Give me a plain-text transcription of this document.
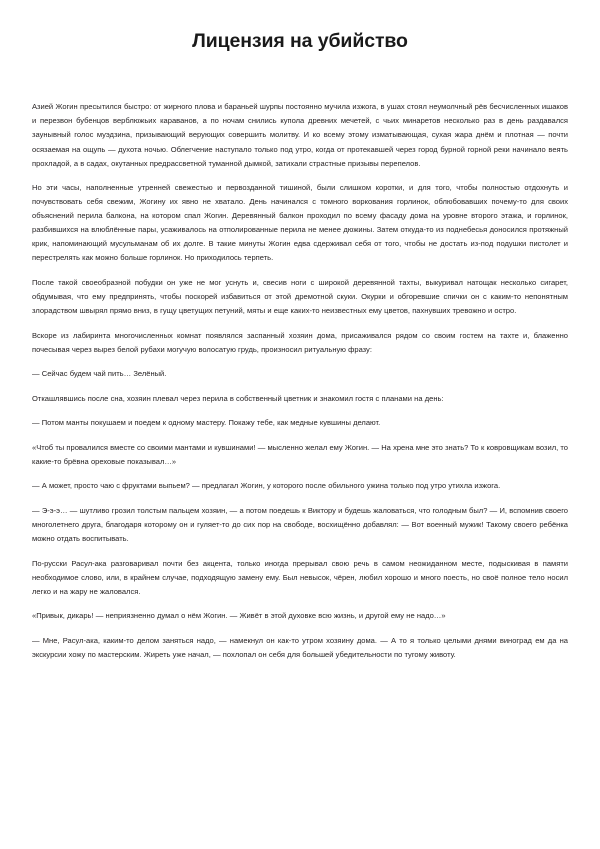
Лицензия на убийство

Азией Жогин пресытился быстро: от жирного плова и бараньей шурпы постоянно мучила изжога, в ушах стоял неумолчный рёв бесчисленных ишаков и перезвон бубенцов верблюжьих караванов, а по ночам снились купола древних мечетей, с чьих минаретов несколько раз в день раздавался заунывный голос муэдзина, призывающий верующих совершить молитву. И ко всему этому изматывающая, сухая жара днём и плотная — почти осязаемая на ощупь — духота ночью. Облегчение наступало только под утро, когда от протекавшей через город бурной горной реки начинало веять прохладой, а в садах, окутанных предрассветной туманной дымкой, затихали страстные призывы перепелов.

Но эти часы, наполненные утренней свежестью и первозданной тишиной, были слишком коротки, и для того, чтобы полностью отдохнуть и почувствовать себя свежим, Жогину их явно не хватало. День начинался с томного воркования горлинок, облюбовавших почему-то для своих объяснений перила балкона, на котором спал Жогин. Деревянный балкон проходил по всему фасаду дома на уровне второго этажа, и горлинок, разбившихся на влюблённые пары, усаживалось на отполированные перила не менее дюжины. Затем откуда-то из поднебесья доносился протяжный крик, напоминающий мусульманам об их долге. В такие минуты Жогин едва сдерживал себя от того, чтобы не достать из-под подушки пистолет и перестрелять как можно больше горлинок. Но приходилось терпеть.

После такой своеобразной побудки он уже не мог уснуть и, свесив ноги с широкой деревянной тахты, выкуривал натощак несколько сигарет, обдумывая, что ему предпринять, чтобы поскорей избавиться от этой дремотной скуки. Окурки и обгоревшие спички он с каким-то непонятным злорадством швырял прямо вниз, в гущу цветущих петуний, мяты и еще каких-то неизвестных ему цветов, пахнувших тревожно и остро.

Вскоре из лабиринта многочисленных комнат появлялся заспанный хозяин дома, присаживался рядом со своим гостем на тахте и, блаженно почесывая через вырез белой рубахи могучую волосатую грудь, произносил ритуальную фразу:

— Сейчас будем чай пить… Зелёный.

Откашлявшись после сна, хозяин плевал через перила в собственный цветник и знакомил гостя с планами на день:

— Потом манты покушаем и поедем к одному мастеру. Покажу тебе, как медные кувшины делают.

«Чтоб ты провалился вместе со своими мантами и кувшинами! — мысленно желал ему Жогин. — На хрена мне это знать? То к ковровщикам возил, то какие-то брёвна ореховые показывал…»

— А может, просто чаю с фруктами выпьем? — предлагал Жогин, у которого после обильного ужина только под утро утихла изжога.

— Э-э-э… — шутливо грозил толстым пальцем хозяин, — а потом поедешь к Виктору и будешь жаловаться, что голодным был? — И, вспомнив своего многолетнего друга, благодаря которому он и гуляет-то до сих пор на свободе, восхищённо добавлял: — Вот военный мужик! Такому своего ребёнка можно отдать воспитывать.

По-русски Расул-ака разговаривал почти без акцента, только иногда прерывал свою речь в самом неожиданном месте, подыскивая в памяти необходимое слово, или, в крайнем случае, подходящую замену ему. Был невысок, чёрен, любил хорошо и много поесть, но своё полное тело носил легко и на жару не жаловался.

«Привык, дикарь! — неприязненно думал о нём Жогин. — Живёт в этой духовке всю жизнь, и другой ему не надо…»

— Мне, Расул-ака, каким-то делом заняться надо, — намекнул он как-то утром хозяину дома. — А то я только целыми днями виноград ем да на экскурсии хожу по мастерским. Жиреть уже начал, — похлопал он себя для большей убедительности по тугому животу.
